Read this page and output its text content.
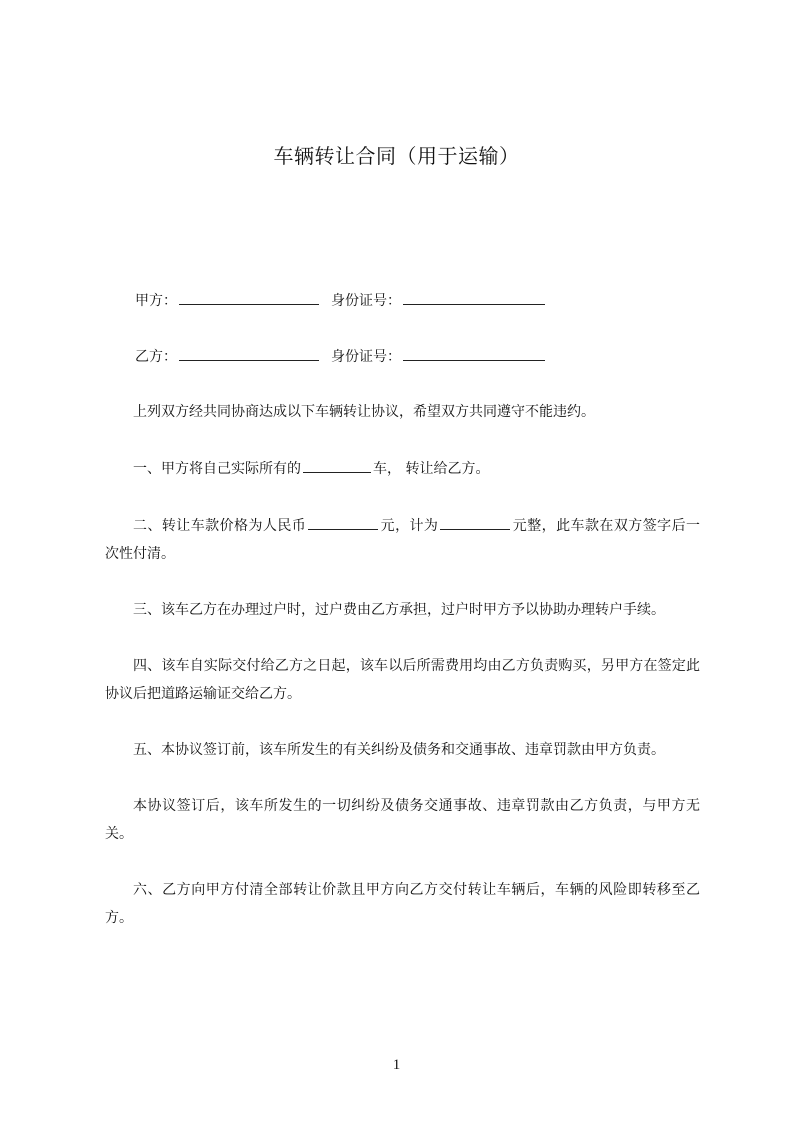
车辆转让合同（用于运输）
甲方：	身份证号：
乙方：	身份证号：

上列双方经共同协商达成以下车辆转让协议，希望双方共同遵守不能违约。

一、甲方将自己实际所有的	车， 转让给乙方。

二、转让车款价格为人民币	元，计为	元整，此车款在双方签字后一次性付清。

三、该车乙方在办理过户时，过户费由乙方承担，过户时甲方予以协助办理转户手续。

四、该车自实际交付给乙方之日起，该车以后所需费用均由乙方负责购买，另甲方在签定此协议后把道路运输证交给乙方。

五、本协议签订前，该车所发生的有关纠纷及债务和交通事故、违章罚款由甲方负责。

本协议签订后，该车所发生的一切纠纷及债务交通事故、违章罚款由乙方负责，与甲方无关。

六、乙方向甲方付清全部转让价款且甲方向乙方交付转让车辆后，车辆的风险即转移至乙方。

1
